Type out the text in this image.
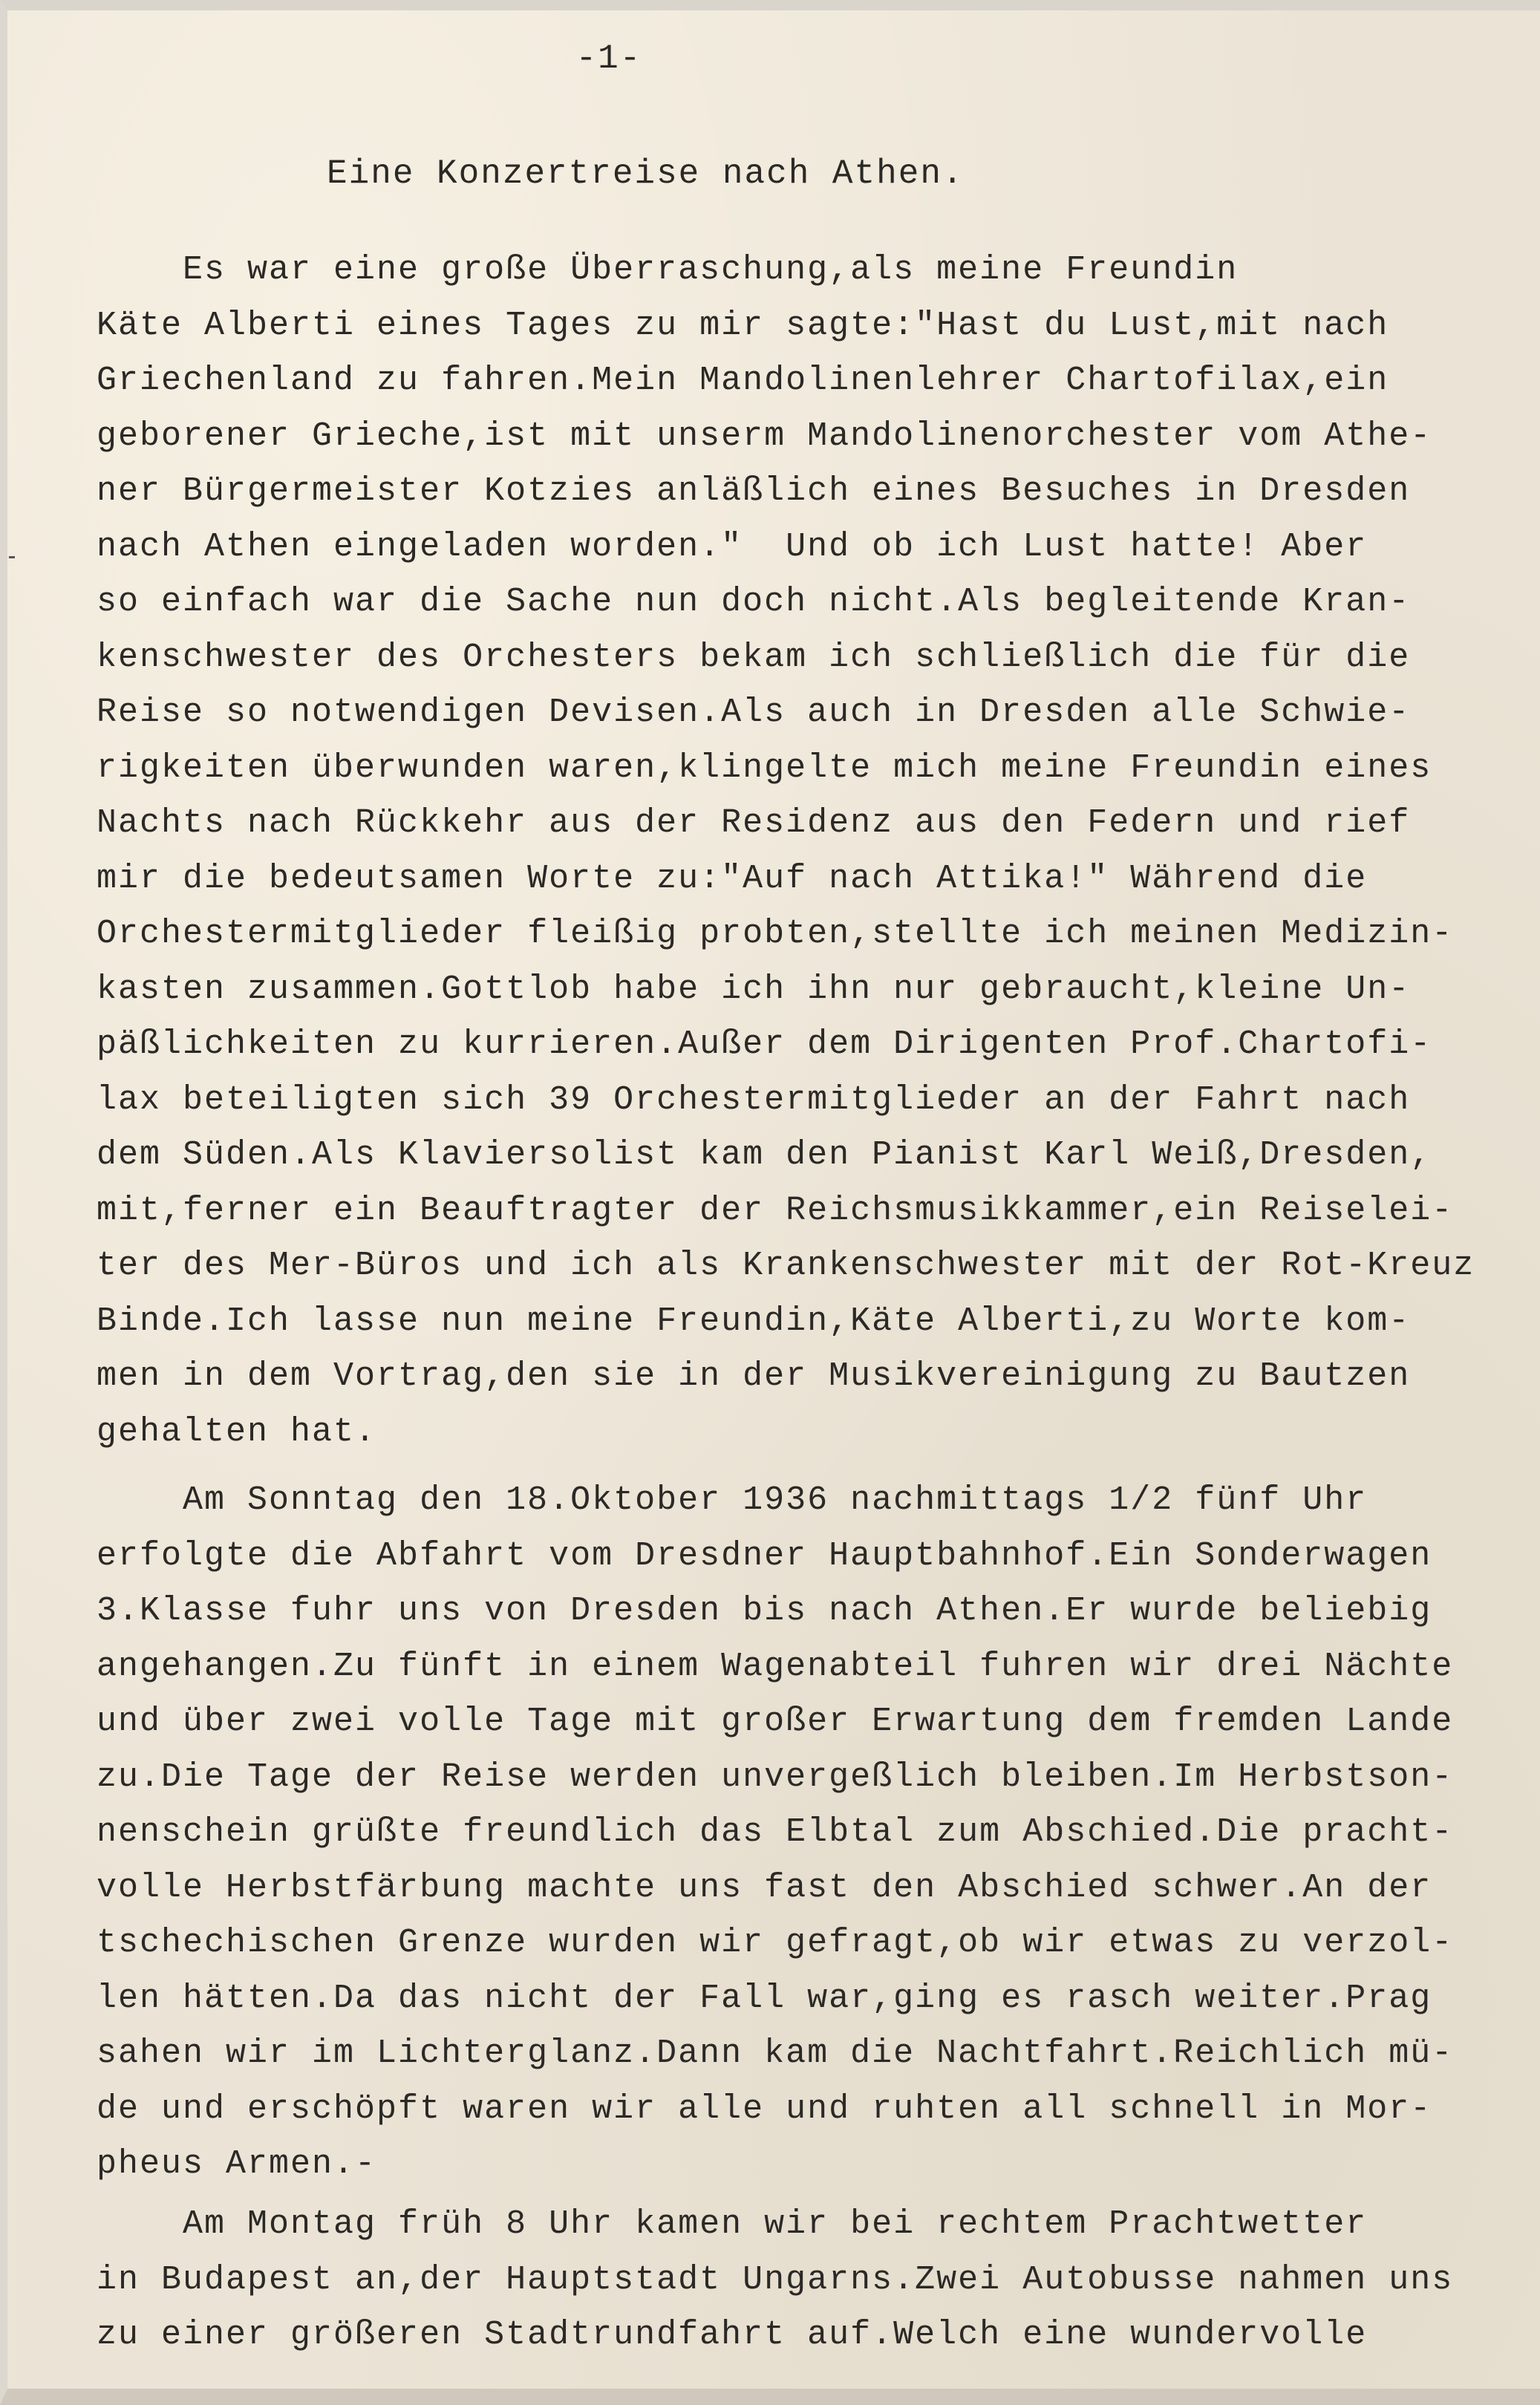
-1-
Eine Konzertreise nach Athen.
Es war eine große Überraschung,als meine Freundin
Käte Alberti eines Tages zu mir sagte:"Hast du Lust,mit nach
Griechenland zu fahren.Mein Mandolinenlehrer Chartofilax,ein
geborener Grieche,ist mit unserm Mandolinenorchester vom Athe-
ner Bürgermeister Kotzies anläßlich eines Besuches in Dresden
nach Athen eingeladen worden."  Und ob ich Lust hatte! Aber
so einfach war die Sache nun doch nicht.Als begleitende Kran-
kenschwester des Orchesters bekam ich schließlich die für die
Reise so notwendigen Devisen.Als auch in Dresden alle Schwie-
rigkeiten überwunden waren,klingelte mich meine Freundin eines
Nachts nach Rückkehr aus der Residenz aus den Federn und rief
mir die bedeutsamen Worte zu:"Auf nach Attika!" Während die
Orchestermitglieder fleißig probten,stellte ich meinen Medizin-
kasten zusammen.Gottlob habe ich ihn nur gebraucht,kleine Un-
päßlichkeiten zu kurrieren.Außer dem Dirigenten Prof.Chartofi-
lax beteiligten sich 39 Orchestermitglieder an der Fahrt nach
dem Süden.Als Klaviersolist kam den Pianist Karl Weiß,Dresden,
mit,ferner ein Beauftragter der Reichsmusikkammer,ein Reiselei-
ter des Mer-Büros und ich als Krankenschwester mit der Rot-Kreuz
Binde.Ich lasse nun meine Freundin,Käte Alberti,zu Worte kom-
men in dem Vortrag,den sie in der Musikvereinigung zu Bautzen
gehalten hat.
Am Sonntag den 18.Oktober 1936 nachmittags 1/2 fünf Uhr
erfolgte die Abfahrt vom Dresdner Hauptbahnhof.Ein Sonderwagen
3.Klasse fuhr uns von Dresden bis nach Athen.Er wurde beliebig
angehangen.Zu fünft in einem Wagenabteil fuhren wir drei Nächte
und über zwei volle Tage mit großer Erwartung dem fremden Lande
zu.Die Tage der Reise werden unvergeßlich bleiben.Im Herbstson-
nenschein grüßte freundlich das Elbtal zum Abschied.Die pracht-
volle Herbstfärbung machte uns fast den Abschied schwer.An der
tschechischen Grenze wurden wir gefragt,ob wir etwas zu verzol-
len hätten.Da das nicht der Fall war,ging es rasch weiter.Prag
sahen wir im Lichterglanz.Dann kam die Nachtfahrt.Reichlich mü-
de und erschöpft waren wir alle und ruhten all schnell in Mor-
pheus Armen.-
Am Montag früh 8 Uhr kamen wir bei rechtem Prachtwetter
in Budapest an,der Hauptstadt Ungarns.Zwei Autobusse nahmen uns
zu einer größeren Stadtrundfahrt auf.Welch eine wundervolle
